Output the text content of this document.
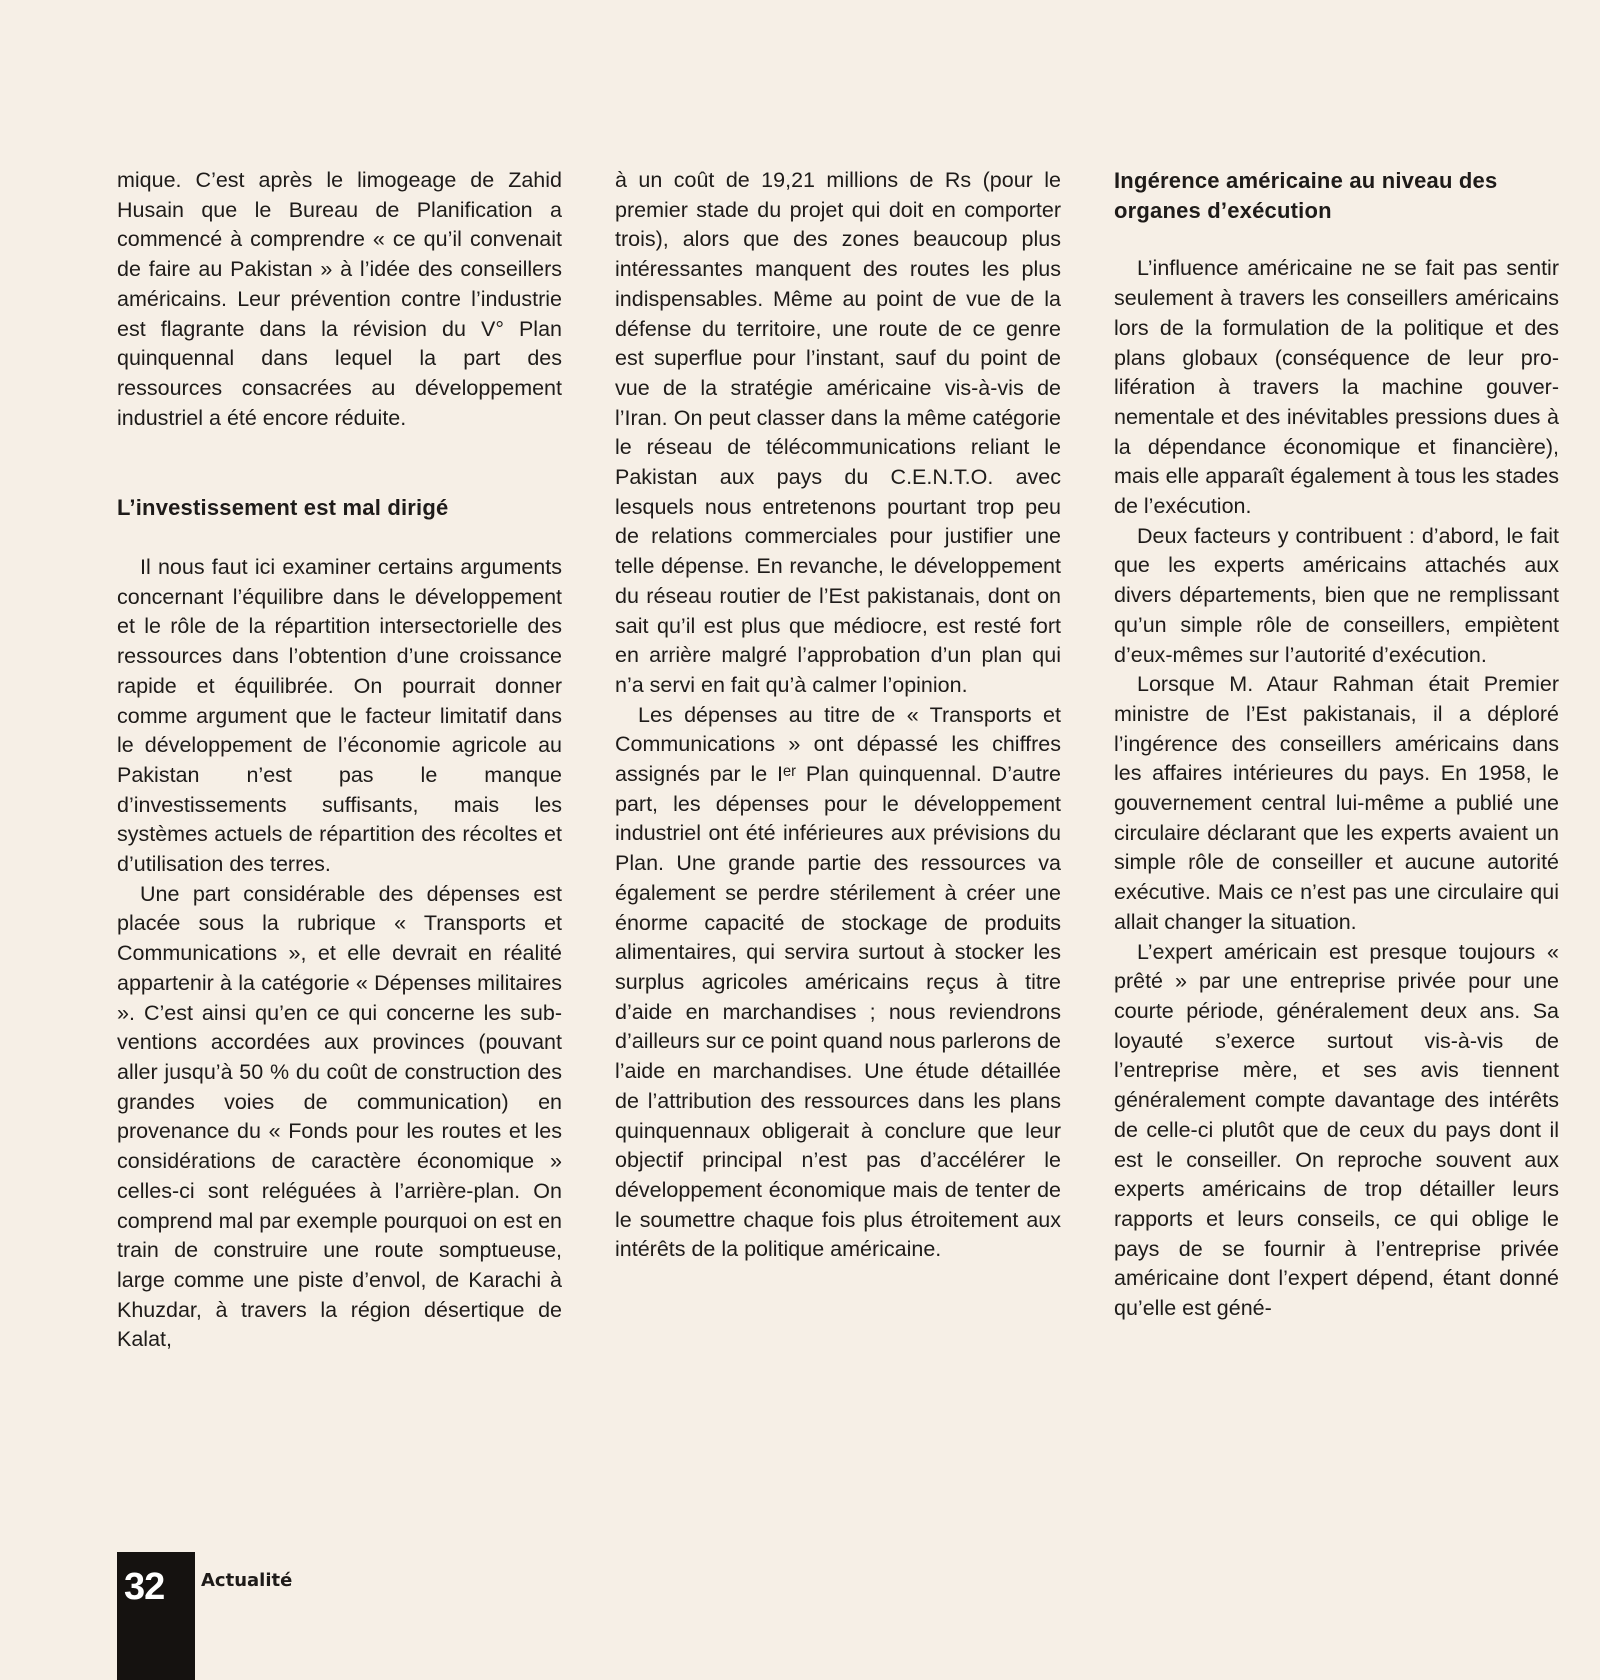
mique. C’est après le limogeage de Zahid Husain que le Bureau de Planification a commencé à comprendre « ce qu’il convenait de faire au Pakistan » à l’idée des conseillers américains. Leur prévention contre l’industrie est flagrante dans la révision du V° Plan quinquennal dans lequel la part des ressources consacrées au développement industriel a été encore réduite.

L’investissement est mal dirigé

Il nous faut ici examiner certains arguments concernant l’équilibre dans le développement et le rôle de la répartition intersectorielle des ressources dans l’obtention d’une croissance rapide et équilibrée. On pourrait donner comme argument que le facteur limitatif dans le développement de l’économie agricole au Pakistan n’est pas le manque d’investissements suffisants, mais les systèmes actuels de répartition des récoltes et d’utilisation des terres.

Une part considérable des dépenses est placée sous la rubrique « Transports et Communications », et elle devrait en réalité appartenir à la catégorie « Dépenses militaires ». C’est ainsi qu’en ce qui concerne les subventions accordées aux provinces (pouvant aller jusqu’à 50 % du coût de construction des grandes voies de communication) en provenance du « Fonds pour les routes et les considérations de caractère économique » celles-ci sont reléguées à l’arrière-plan. On comprend mal par exemple pourquoi on est en train de construire une route somptueuse, large comme une piste d’envol, de Karachi à Khuzdar, à travers la région désertique de Kalat,

à un coût de 19,21 millions de Rs (pour le premier stade du projet qui doit en comporter trois), alors que des zones beaucoup plus intéressantes manquent des routes les plus indispensables. Même au point de vue de la défense du territoire, une route de ce genre est superflue pour l’instant, sauf du point de vue de la stratégie américaine vis-à-vis de l’Iran. On peut classer dans la même catégorie le réseau de télécommunications reliant le Pakistan aux pays du C.E.N.T.O. avec lesquels nous entretenons pourtant trop peu de relations commerciales pour justifier une telle dépense. En revanche, le développement du réseau routier de l’Est pakistanais, dont on sait qu’il est plus que médiocre, est resté fort en arrière malgré l’approbation d’un plan qui n’a servi en fait qu’à calmer l’opinion.

Les dépenses au titre de « Transports et Communications » ont dépassé les chiffres assignés par le Iᵉʳ Plan quinquennal. D’autre part, les dépenses pour le développement industriel ont été inférieures aux prévisions du Plan. Une grande partie des ressources va également se perdre stérilement à créer une énorme capacité de stockage de produits alimentaires, qui servira surtout à stocker les surplus agricoles américains reçus à titre d’aide en marchandises ; nous reviendrons d’ailleurs sur ce point quand nous parlerons de l’aide en marchandises. Une étude détaillée de l’attribution des ressources dans les plans quinquennaux obligerait à conclure que leur objectif principal n’est pas d’accélérer le développement économique mais de tenter de le soumettre chaque fois plus étroitement aux intérêts de la politique américaine.

Ingérence américaine au niveau des organes d’exécution

L’influence américaine ne se fait pas sentir seulement à travers les conseillers américains lors de la formulation de la politique et des plans globaux (conséquence de leur prolifération à travers la machine gouvernementale et des inévitables pressions dues à la dépendance économique et financière), mais elle apparaît également à tous les stades de l’exécution.

Deux facteurs y contribuent : d’abord, le fait que les experts américains attachés aux divers départements, bien que ne remplissant qu’un simple rôle de conseillers, empiètent d’eux-mêmes sur l’autorité d’exécution.

Lorsque M. Ataur Rahman était Premier ministre de l’Est pakistanais, il a déploré l’ingérence des conseillers américains dans les affaires intérieures du pays. En 1958, le gouvernement central lui-même a publié une circulaire déclarant que les experts avaient un simple rôle de conseiller et aucune autorité exécutive. Mais ce n’est pas une circulaire qui allait changer la situation.

L’expert américain est presque toujours « prêté » par une entreprise privée pour une courte période, généralement deux ans. Sa loyauté s’exerce surtout vis-à-vis de l’entreprise mère, et ses avis tiennent généralement compte davantage des intérêts de celle-ci plutôt que de ceux du pays dont il est le conseiller. On reproche souvent aux experts américains de trop détailler leurs rapports et leurs conseils, ce qui oblige le pays de se fournir à l’entreprise privée américaine dont l’expert dépend, étant donné qu’elle est géné-

32 Actualité
